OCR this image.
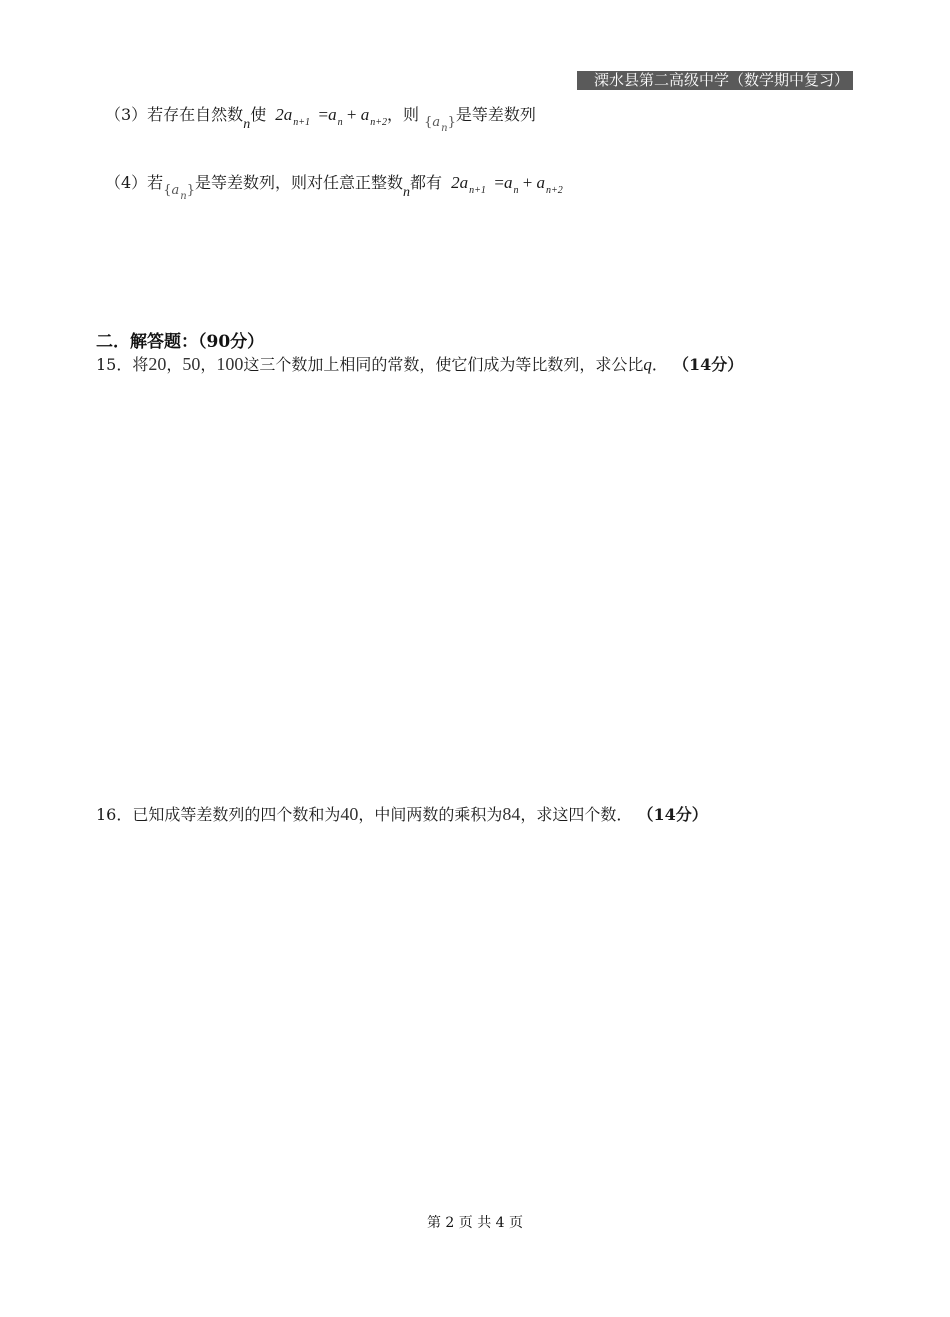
溧水县第二高级中学（数学期中复习）
（3）若存在自然数n使 $2a_{n+1} =a_n + a_{n+2}$，则 $_{\{a_n\}}$是等差数列
（4）若$_{\{a_n\}}$是等差数列，则对任意正整数n都有 $2a_{n+1} =a_n + a_{n+2}$
二．解答题：（90分）
15．将20，50，100这三个数加上相同的常数，使它们成为等比数列，求公比q． （14分）
16．已知成等差数列的四个数和为40，中间两数的乘积为84，求这四个数． （14分）
第 2 页 共 4 页
